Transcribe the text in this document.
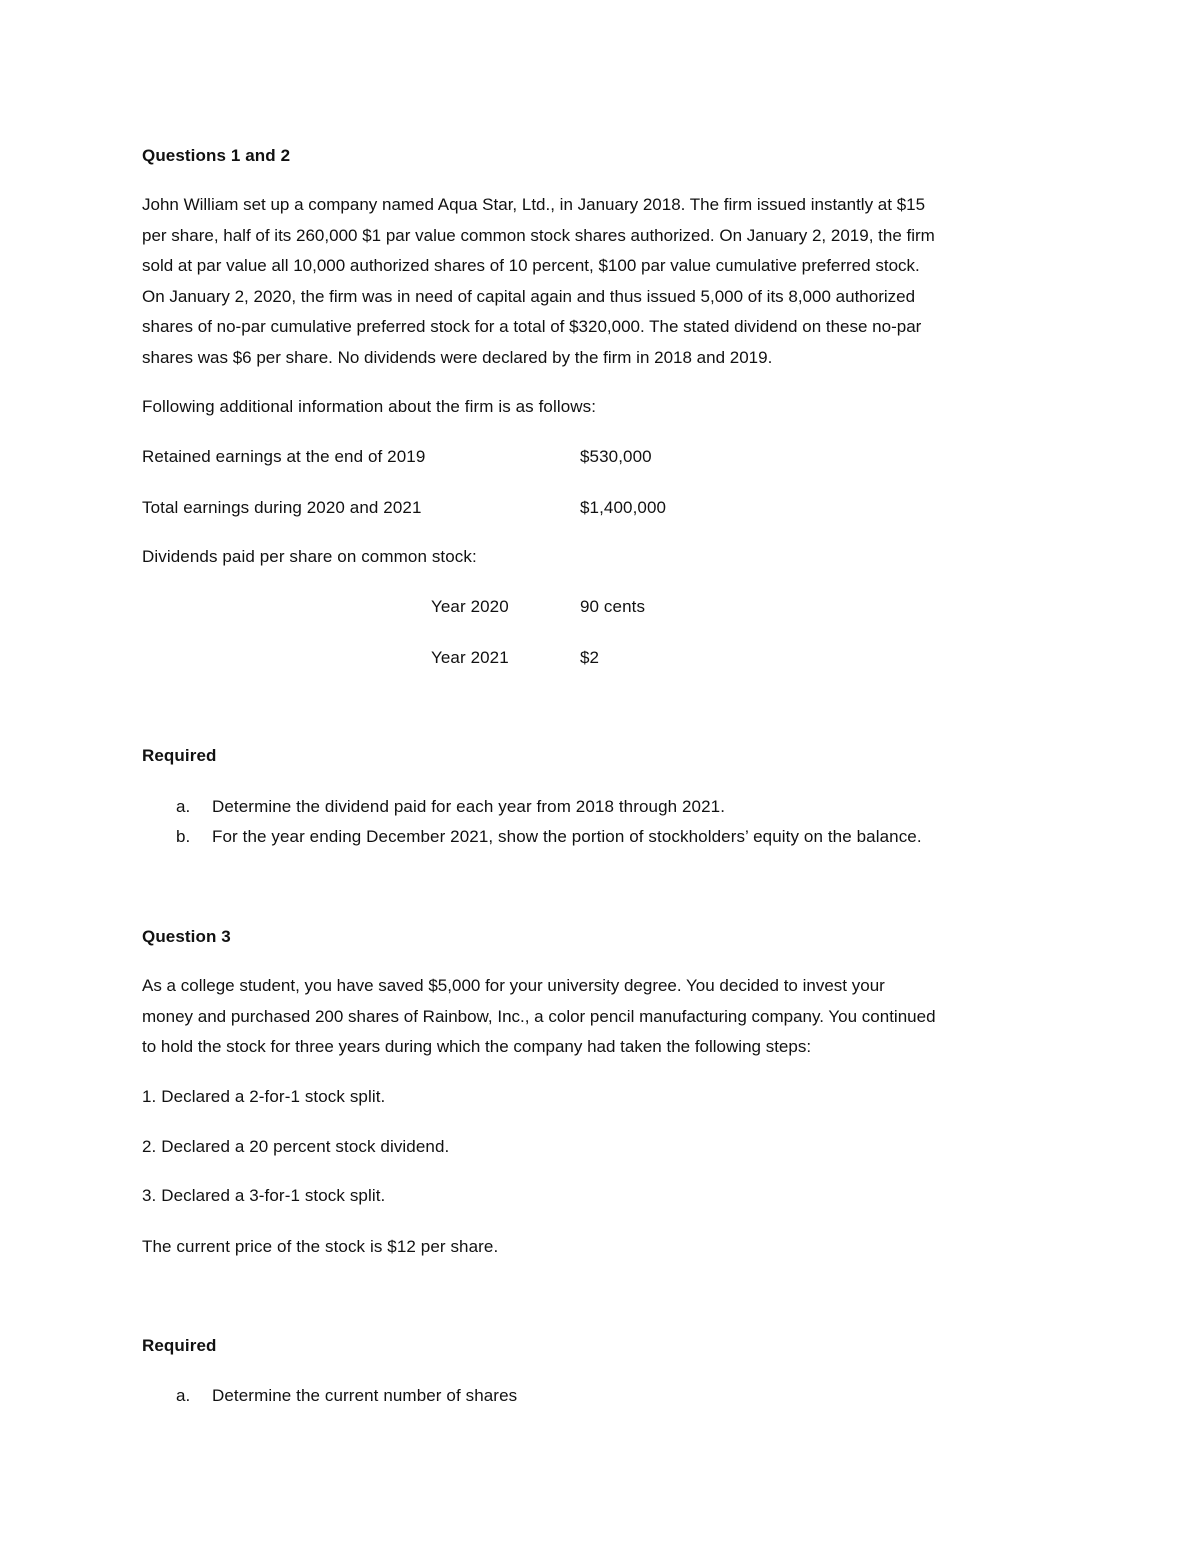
Questions 1 and 2
John William set up a company named Aqua Star, Ltd., in January 2018. The firm issued instantly at $15
per share, half of its 260,000 $1 par value common stock shares authorized. On January 2, 2019, the firm
sold at par value all 10,000 authorized shares of 10 percent, $100 par value cumulative preferred stock.
On January 2, 2020, the firm was in need of capital again and thus issued 5,000 of its 8,000 authorized
shares of no-par cumulative preferred stock for a total of $320,000. The stated dividend on these no-par
shares was $6 per share. No dividends were declared by the firm in 2018 and 2019.
Following additional information about the firm is as follows:
Retained earnings at the end of 2019	$530,000
Total earnings during 2020 and 2021	$1,400,000
Dividends paid per share on common stock:
Year 2020	90 cents
Year 2021	$2
Required
a. Determine the dividend paid for each year from 2018 through 2021.
b. For the year ending December 2021, show the portion of stockholders’ equity on the balance.
Question 3
As a college student, you have saved $5,000 for your university degree. You decided to invest your
money and purchased 200 shares of Rainbow, Inc., a color pencil manufacturing company. You continued
to hold the stock for three years during which the company had taken the following steps:
1. Declared a 2-for-1 stock split.
2. Declared a 20 percent stock dividend.
3. Declared a 3-for-1 stock split.
The current price of the stock is $12 per share.
Required
a. Determine the current number of shares
